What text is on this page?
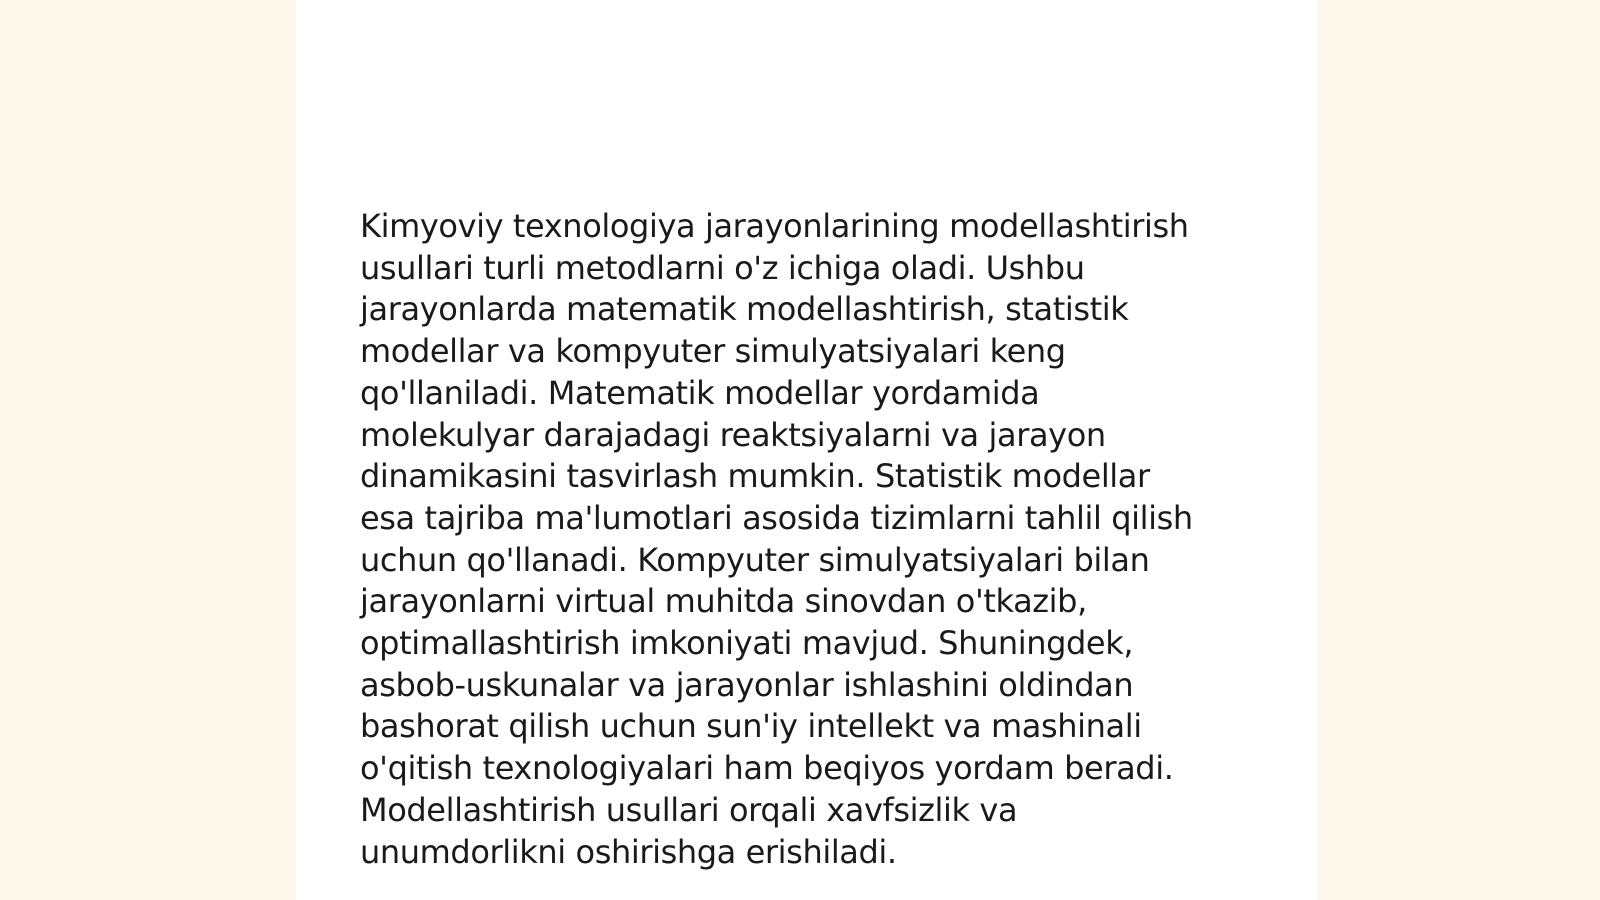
Kimyoviy texnologiya jarayonlarining modellashtirish
usullari turli metodlarni o'z ichiga oladi. Ushbu
jarayonlarda matematik modellashtirish, statistik
modellar va kompyuter simulyatsiyalari keng
qo'llaniladi. Matematik modellar yordamida
molekulyar darajadagi reaktsiyalarni va jarayon
dinamikasini tasvirlash mumkin. Statistik modellar
esa tajriba ma'lumotlari asosida tizimlarni tahlil qilish
uchun qo'llanadi. Kompyuter simulyatsiyalari bilan
jarayonlarni virtual muhitda sinovdan o'tkazib,
optimallashtirish imkoniyati mavjud. Shuningdek,
asbob-uskunalar va jarayonlar ishlashini oldindan
bashorat qilish uchun sun'iy intellekt va mashinali
o'qitish texnologiyalari ham beqiyos yordam beradi.
Modellashtirish usullari orqali xavfsizlik va
unumdorlikni oshirishga erishiladi.
